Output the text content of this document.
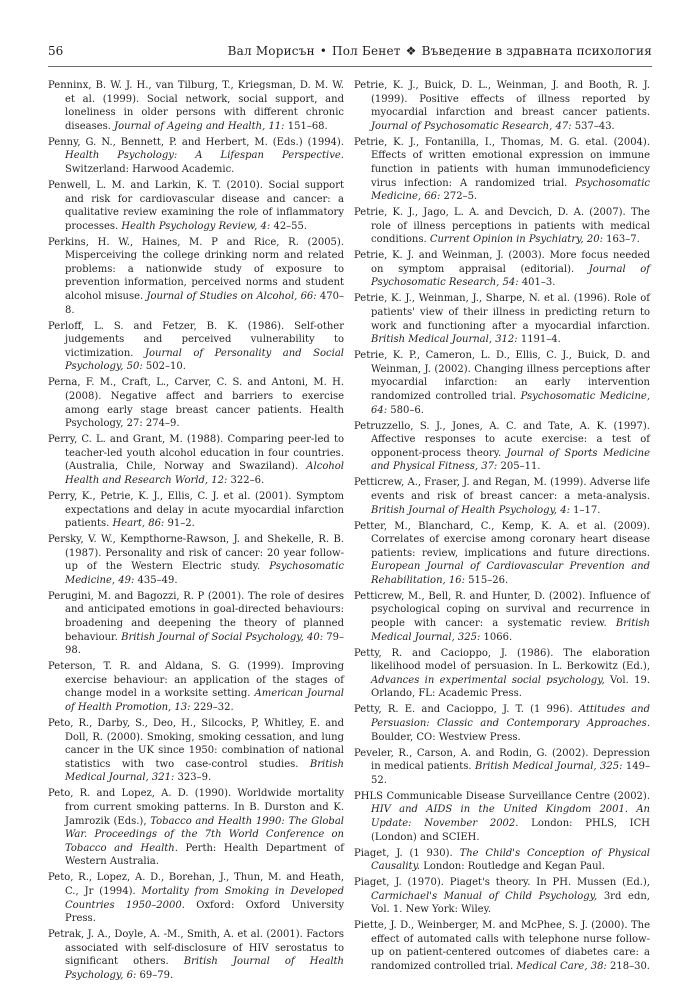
56	Вал Морисън • Пол Бенет ❖ Въведение в здравната психология

Penninx, B. W. J. H., van Tilburg, T., Kriegsman, D. M. W. et al. (1999). Social network, social support, and loneliness in older persons with different chronic diseases. Journal of Ageing and Health, 11: 151–68.

Penny, G. N., Bennett, P. and Herbert, M. (Eds.) (1994). Health Psychology: A Lifespan Perspective. Switzerland: Harwood Academic.

Penwell, L. M. and Larkin, K. T. (2010). Social support and risk for cardiovascular disease and cancer: a qualitative review examining the role of inflammatory processes. Health Psychology Review, 4: 42–55.

Perkins, H. W., Haines, M. P and Rice, R. (2005). Misperceiving the college drinking norm and related problems: a nationwide study of exposure to prevention information, perceived norms and student alcohol misuse. Journal of Studies on Alcohol, 66: 470–8.

Perloff, L. S. and Fetzer, B. K. (1986). Self-other judgements and perceived vulnerability to victimization. Journal of Personality and Social Psychology, 50: 502–10.

Perna, F. M., Craft, L., Carver, C. S. and Antoni, M. H. (2008). Negative affect and barriers to exercise among early stage breast cancer patients. Health Psychology, 27: 274–9.

Perry, C. L. and Grant, M. (1988). Comparing peer-led to teacher-led youth alcohol education in four countries. (Australia, Chile, Norway and Swaziland). Alcohol Health and Research World, 12: 322–6.

Perry, K., Petrie, K. J., Ellis, C. J. et al. (2001). Symptom expectations and delay in acute myocardial infarction patients. Heart, 86: 91–2.

Persky, V. W., Kempthorne-Rawson, J. and Shekelle, R. B. (1987). Personality and risk of cancer: 20 year follow-up of the Western Electric study. Psychosomatic Medicine, 49: 435–49.

Perugini, M. and Bagozzi, R. P (2001). The role of desires and anticipated emotions in goal-directed behaviours: broadening and deepening the theory of planned behaviour. British Journal of Social Psychology, 40: 79–98.

Peterson, T. R. and Aldana, S. G. (1999). Improving exercise behaviour: an application of the stages of change model in a worksite setting. American Journal of Health Promotion, 13: 229–32.

Peto, R., Darby, S., Deo, H., Silcocks, P, Whitley, E. and Doll, R. (2000). Smoking, smoking cessation, and lung cancer in the UK since 1950: combination of national statistics with two case-control studies. British Medical Journal, 321: 323–9.

Peto, R. and Lopez, A. D. (1990). Worldwide mortality from current smoking patterns. In B. Durston and K. Jamrozik (Eds.), Tobacco and Health 1990: The Global War. Proceedings of the 7th World Conference on Tobacco and Health. Perth: Health Department of Western Australia.

Peto, R., Lopez, A. D., Borehan, J., Thun, M. and Heath, C., Jr (1994). Mortality from Smoking in Developed Countries 1950–2000. Oxford: Oxford University Press.

Petrak, J. A., Doyle, A. -M., Smith, A. et al. (2001). Factors associated with self-disclosure of HIV serostatus to significant others. British Journal of Health Psychology, 6: 69–79.

Petrie, K. J., Buick, D. L., Weinman, J. and Booth, R. J. (1999). Positive effects of illness reported by myocardial infarction and breast cancer patients. Journal of Psychosomatic Research, 47: 537–43.

Petrie, K. J., Fontanilla, I., Thomas, M. G. etal. (2004). Effects of written emotional expression on immune function in patients with human immunodeficiency virus infection: A randomized trial. Psychosomatic Medicine, 66: 272–5.

Petrie, K. J., Jago, L. A. and Devcich, D. A. (2007). The role of illness perceptions in patients with medical conditions. Current Opinion in Psychiatry, 20: 163–7.

Petrie, K. J. and Weinman, J. (2003). More focus needed on symptom appraisal (editorial). Journal of Psychosomatic Research, 54: 401–3.

Petrie, K. J., Weinman, J., Sharpe, N. et al. (1996). Role of patients' view of their illness in predicting return to work and functioning after a myocardial infarction. British Medical Journal, 312: 1191–4.

Petrie, K. P., Cameron, L. D., Ellis, C. J., Buick, D. and Weinman, J. (2002). Changing illness perceptions after myocardial infarction: an early intervention randomized controlled trial. Psychosomatic Medicine, 64: 580–6.

Petruzzello, S. J., Jones, A. C. and Tate, A. K. (1997). Affective responses to acute exercise: a test of opponent-process theory. Journal of Sports Medicine and Physical Fitness, 37: 205–11.

Petticrew, A., Fraser, J. and Regan, M. (1999). Adverse life events and risk of breast cancer: a meta-analysis. British Journal of Health Psychology, 4: 1–17.

Petter, M., Blanchard, C., Kemp, K. A. et al. (2009). Correlates of exercise among coronary heart disease patients: review, implications and future directions. European Journal of Cardiovascular Prevention and Rehabilitation, 16: 515–26.

Petticrew, M., Bell, R. and Hunter, D. (2002). Influence of psychological coping on survival and recurrence in people with cancer: a systematic review. British Medical Journal, 325: 1066.

Petty, R. and Cacioppo, J. (1986). The elaboration likelihood model of persuasion. In L. Berkowitz (Ed.), Advances in experimental social psychology, Vol. 19. Orlando, FL: Academic Press.

Petty, R. E. and Cacioppo, J. T. (1 996). Attitudes and Persuasion: Classic and Contemporary Approaches. Boulder, CO: Westview Press.

Peveler, R., Carson, A. and Rodin, G. (2002). Depression in medical patients. British Medical Journal, 325: 149–52.

PHLS Communicable Disease Surveillance Centre (2002). HIV and AIDS in the United Kingdom 2001. An Update: November 2002. London: PHLS, ICH (London) and SCIEH.

Piaget, J. (1 930). The Child's Conception of Physical Causality. London: Routledge and Kegan Paul.

Piaget, J. (1970). Piaget's theory. In PH. Mussen (Ed.), Carmichael's Manual of Child Psychology, 3rd edn, Vol. 1. New York: Wiley.

Piette, J. D., Weinberger, M. and McPhee, S. J. (2000). The effect of automated calls with telephone nurse follow-up on patient-centered outcomes of diabetes care: a randomized controlled trial. Medical Care, 38: 218–30.
